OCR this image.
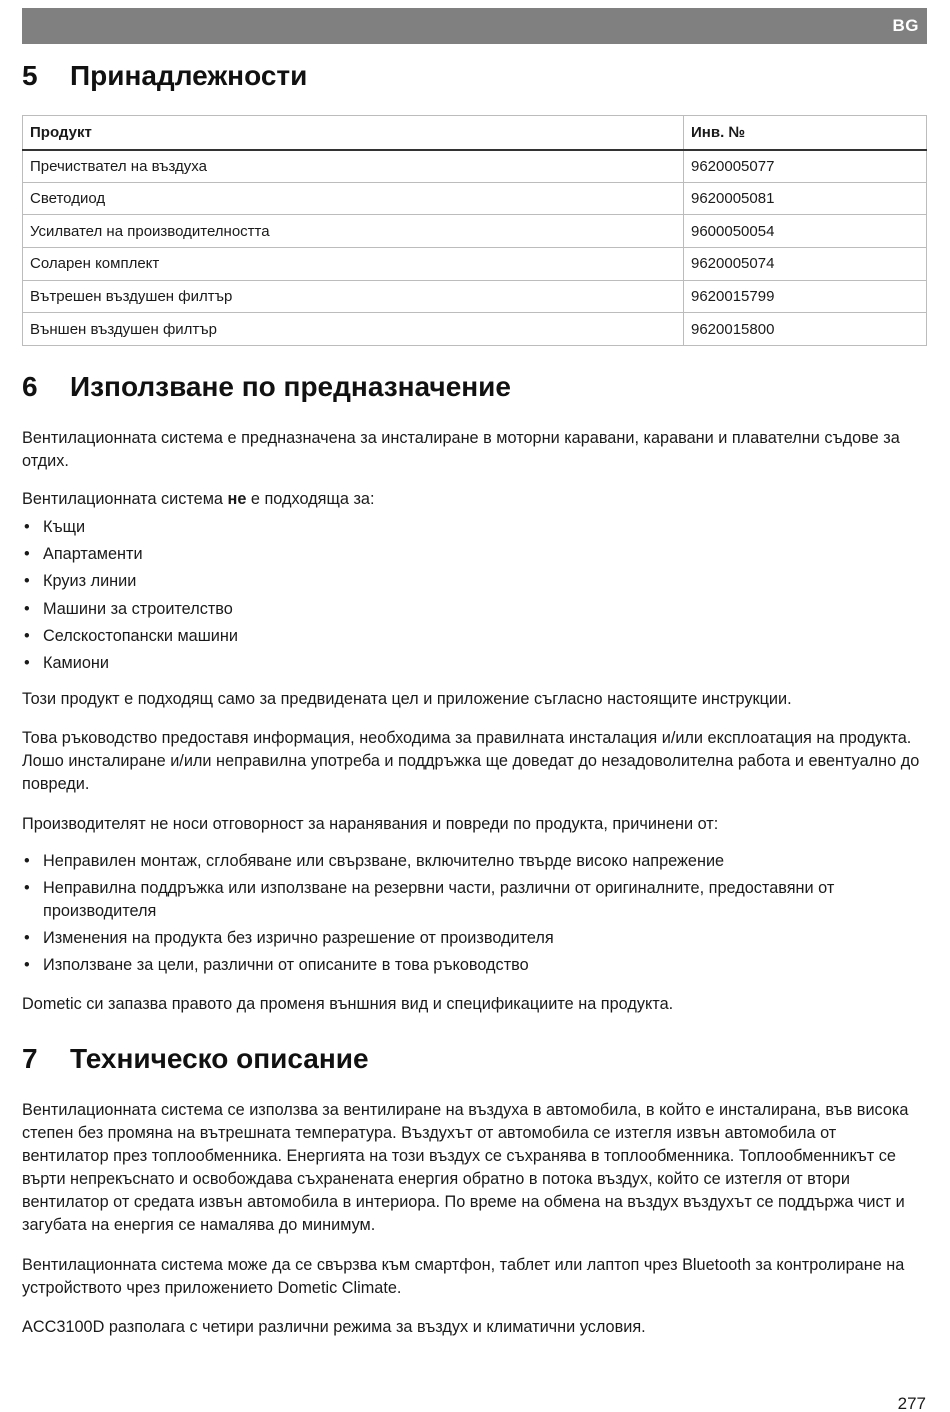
BG
5 Принадлежности
Продукт	Инв. №
Пречиствател на въздуха	9620005077
Светодиод	9620005081
Усилвател на производителността	9600050054
Соларен комплект	9620005074
Вътрешен въздушен филтър	9620015799
Външен въздушен филтър	9620015800
6 Използване по предназначение

Вентилационната система е предназначена за инсталиране в моторни каравани, каравани и плавателни съдове за отдих.

Вентилационната система не е подходяща за:

• Къщи
• Апартаменти
• Круиз линии
• Машини за строителство
• Селскостопански машини
• Камиони

Този продукт е подходящ само за предвидената цел и приложение съгласно настоящите инструкции.

Това ръководство предоставя информация, необходима за правилната инсталация и/или експлоатация на продукта. Лошо инсталиране и/или неправилна употреба и поддръжка ще доведат до незадоволителна работа и евентуално до повреди.

Производителят не носи отговорност за наранявания и повреди по продукта, причинени от:

• Неправилен монтаж, сглобяване или свързване, включително твърде високо напрежение
• Неправилна поддръжка или използване на резервни части, различни от оригиналните, предоставяни от производителя
• Изменения на продукта без изрично разрешение от производителя
• Използване за цели, различни от описаните в това ръководство

Dometic си запазва правото да променя външния вид и спецификациите на продукта.

7 Техническо описание

Вентилационната система се използва за вентилиране на въздуха в автомобила, в който е инсталирана, във висока степен без промяна на вътрешната температура. Въздухът от автомобила се изтегля извън автомобила от вентилатор през топлообменника. Енергията на този въздух се съхранява в топлообменника. Топлообменникът се върти непрекъснато и освобождава съхранената енергия обратно в потока въздух, който се изтегля от втори вентилатор от средата извън автомобила в интериора. По време на обмена на въздух въздухът се поддържа чист и загубата на енергия се намалява до минимум.

Вентилационната система може да се свързва към смартфон, таблет или лаптоп чрез Bluetooth за контролиране на устройството чрез приложението Dometic Climate.

ACC3100D разполага с четири различни режима за въздух и климатични условия.

277
